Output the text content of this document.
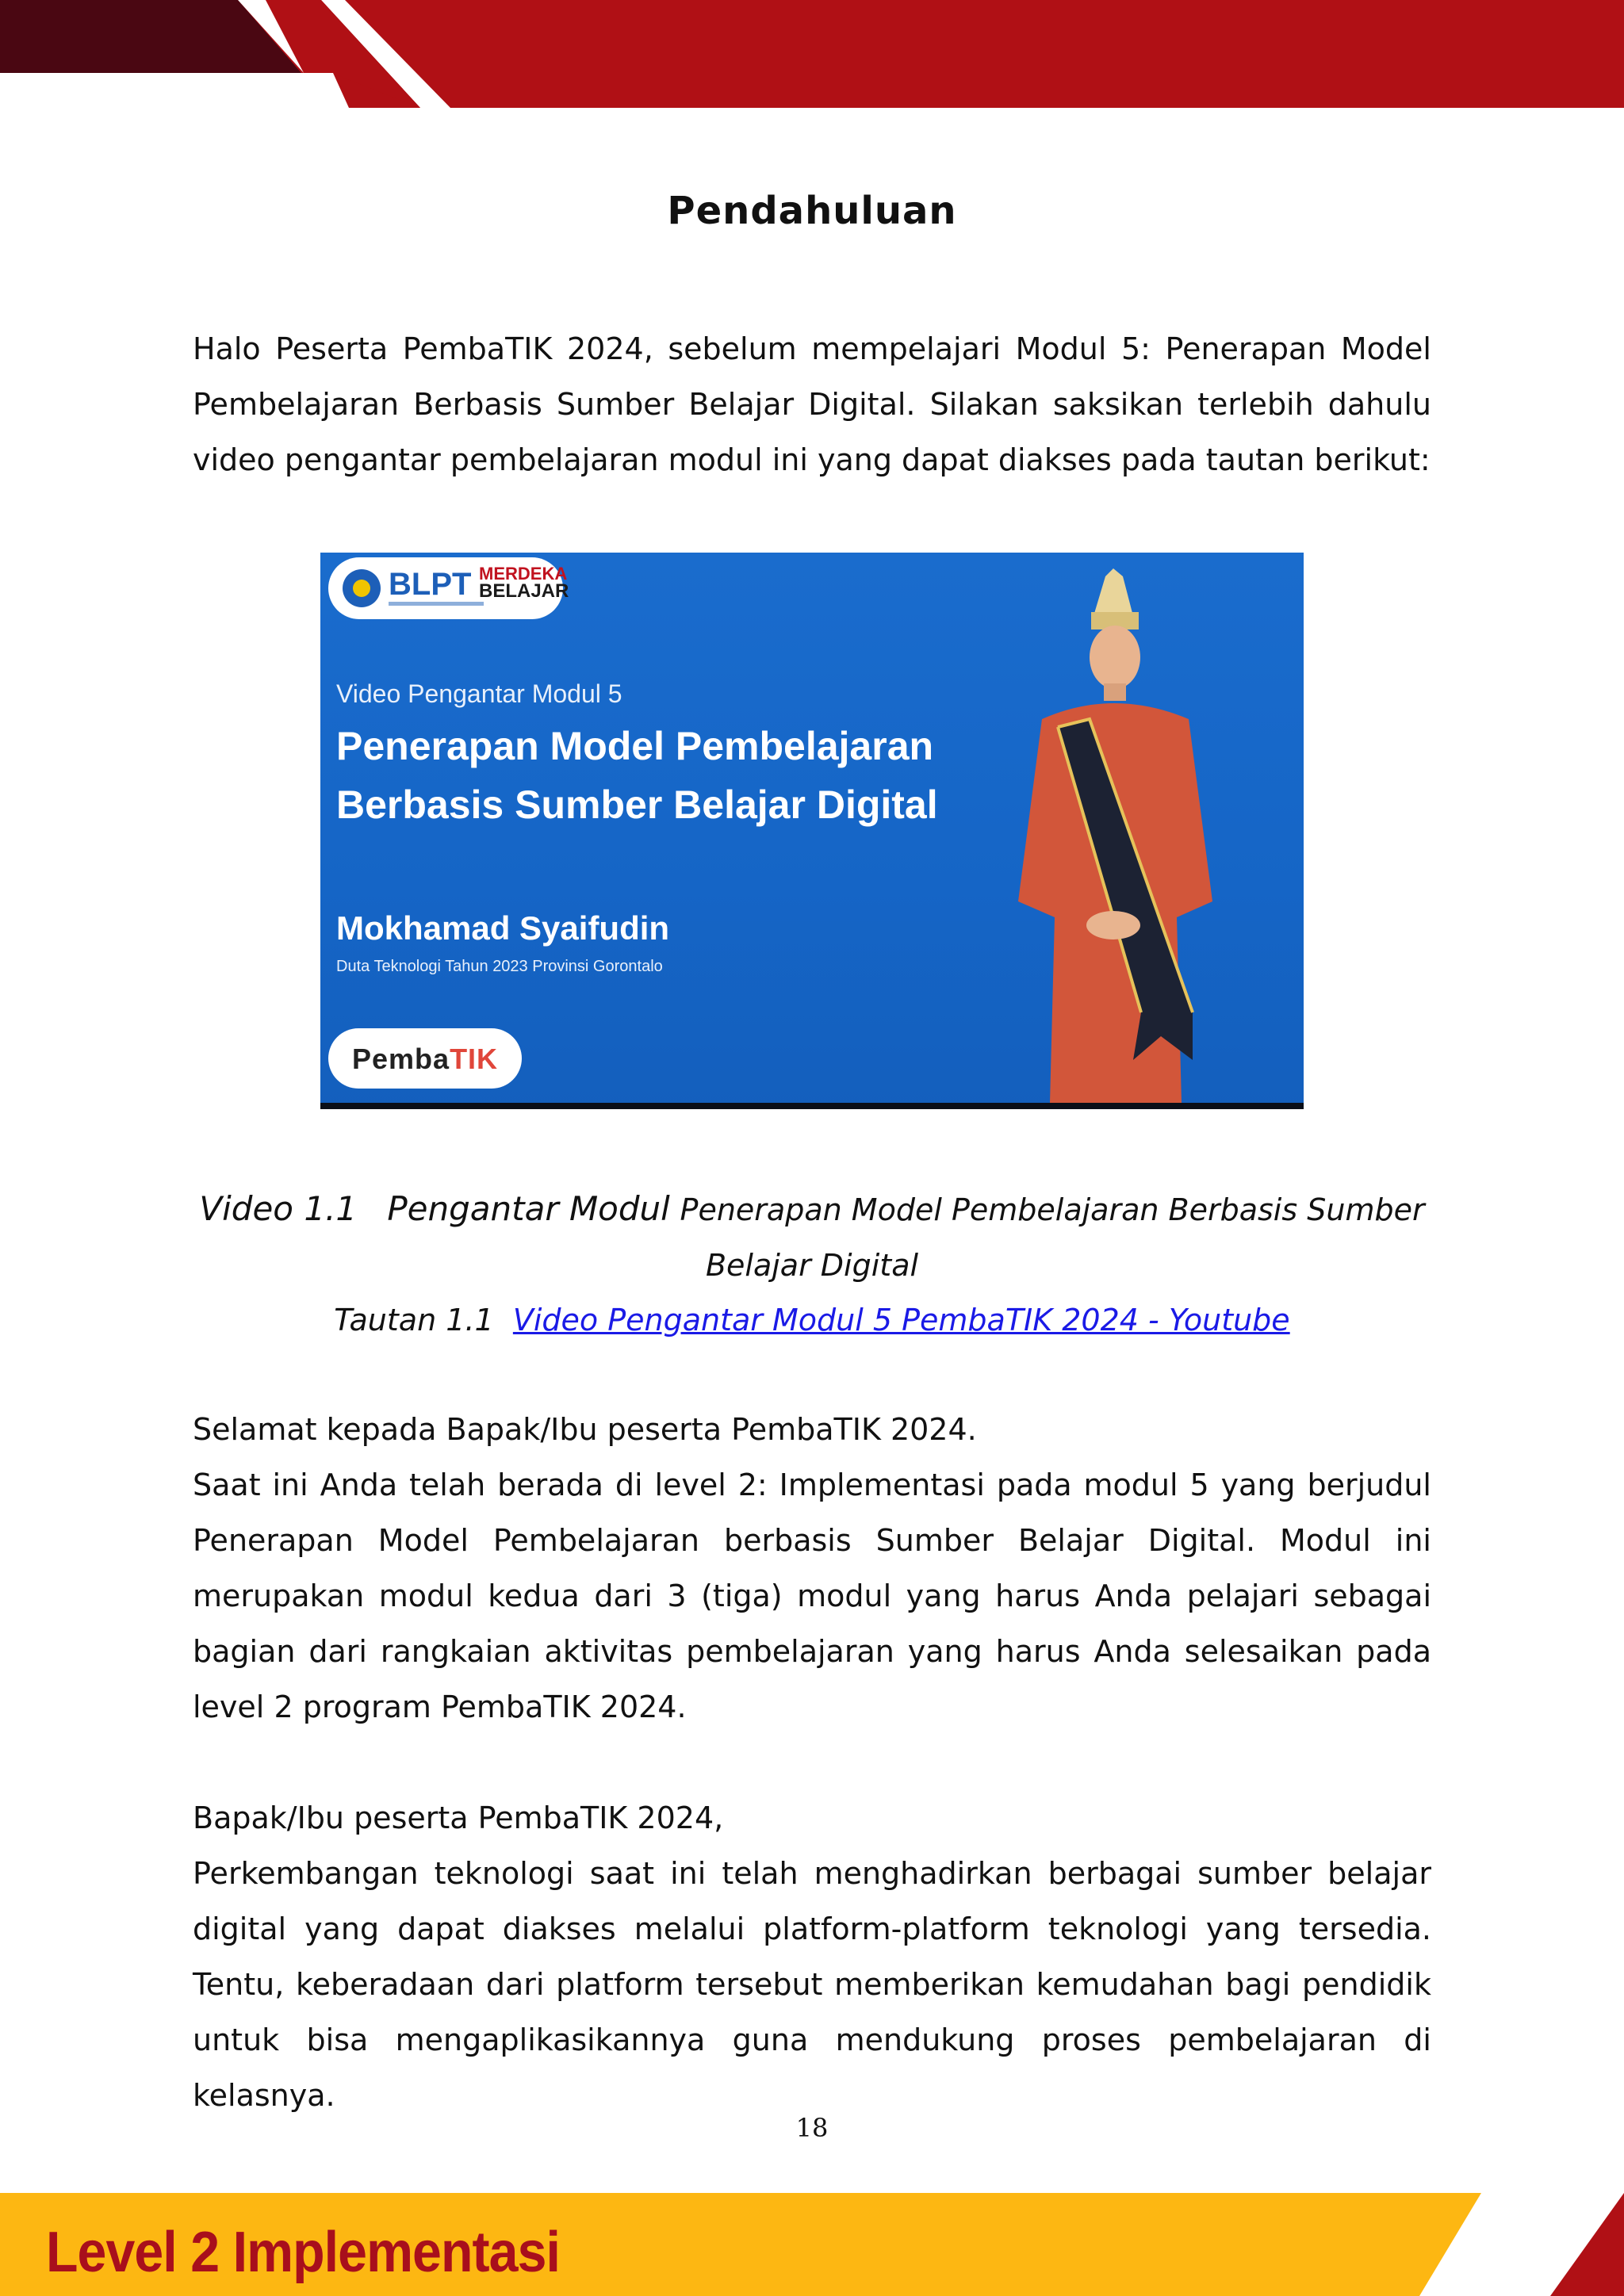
Pendahuluan

Halo Peserta PembaTIK 2024, sebelum mempelajari Modul 5: Penerapan Model Pembelajaran Berbasis Sumber Belajar Digital. Silakan saksikan terlebih dahulu video pengantar pembelajaran modul ini yang dapat diakses pada tautan berikut:

BLPT MERDEKA
BELAJAR
Video Pengantar Modul 5
Penerapan Model Pembelajaran Berbasis Sumber Belajar Digital
Mokhamad Syaifudin
Duta Teknologi Tahun 2023 Provinsi Gorontalo
PembaTIK
Video 1.1 Pengantar Modul Penerapan Model Pembelajaran Berbasis Sumber Belajar Digital
Tautan 1.1 Video Pengantar Modul 5 PembaTIK 2024 - Youtube

Selamat kepada Bapak/Ibu peserta PembaTIK 2024.

Saat ini Anda telah berada di level 2: Implementasi pada modul 5 yang berjudul Penerapan Model Pembelajaran berbasis Sumber Belajar Digital. Modul ini merupakan modul kedua dari 3 (tiga) modul yang harus Anda pelajari sebagai bagian dari rangkaian aktivitas pembelajaran yang harus Anda selesaikan pada level 2 program PembaTIK 2024.

Bapak/Ibu peserta PembaTIK 2024,

Perkembangan teknologi saat ini telah menghadirkan berbagai sumber belajar digital yang dapat diakses melalui platform-platform teknologi yang tersedia. Tentu, keberadaan dari platform tersebut memberikan kemudahan bagi pendidik untuk bisa mengaplikasikannya guna mendukung proses pembelajaran di kelasnya.

18
Level 2 Implementasi
